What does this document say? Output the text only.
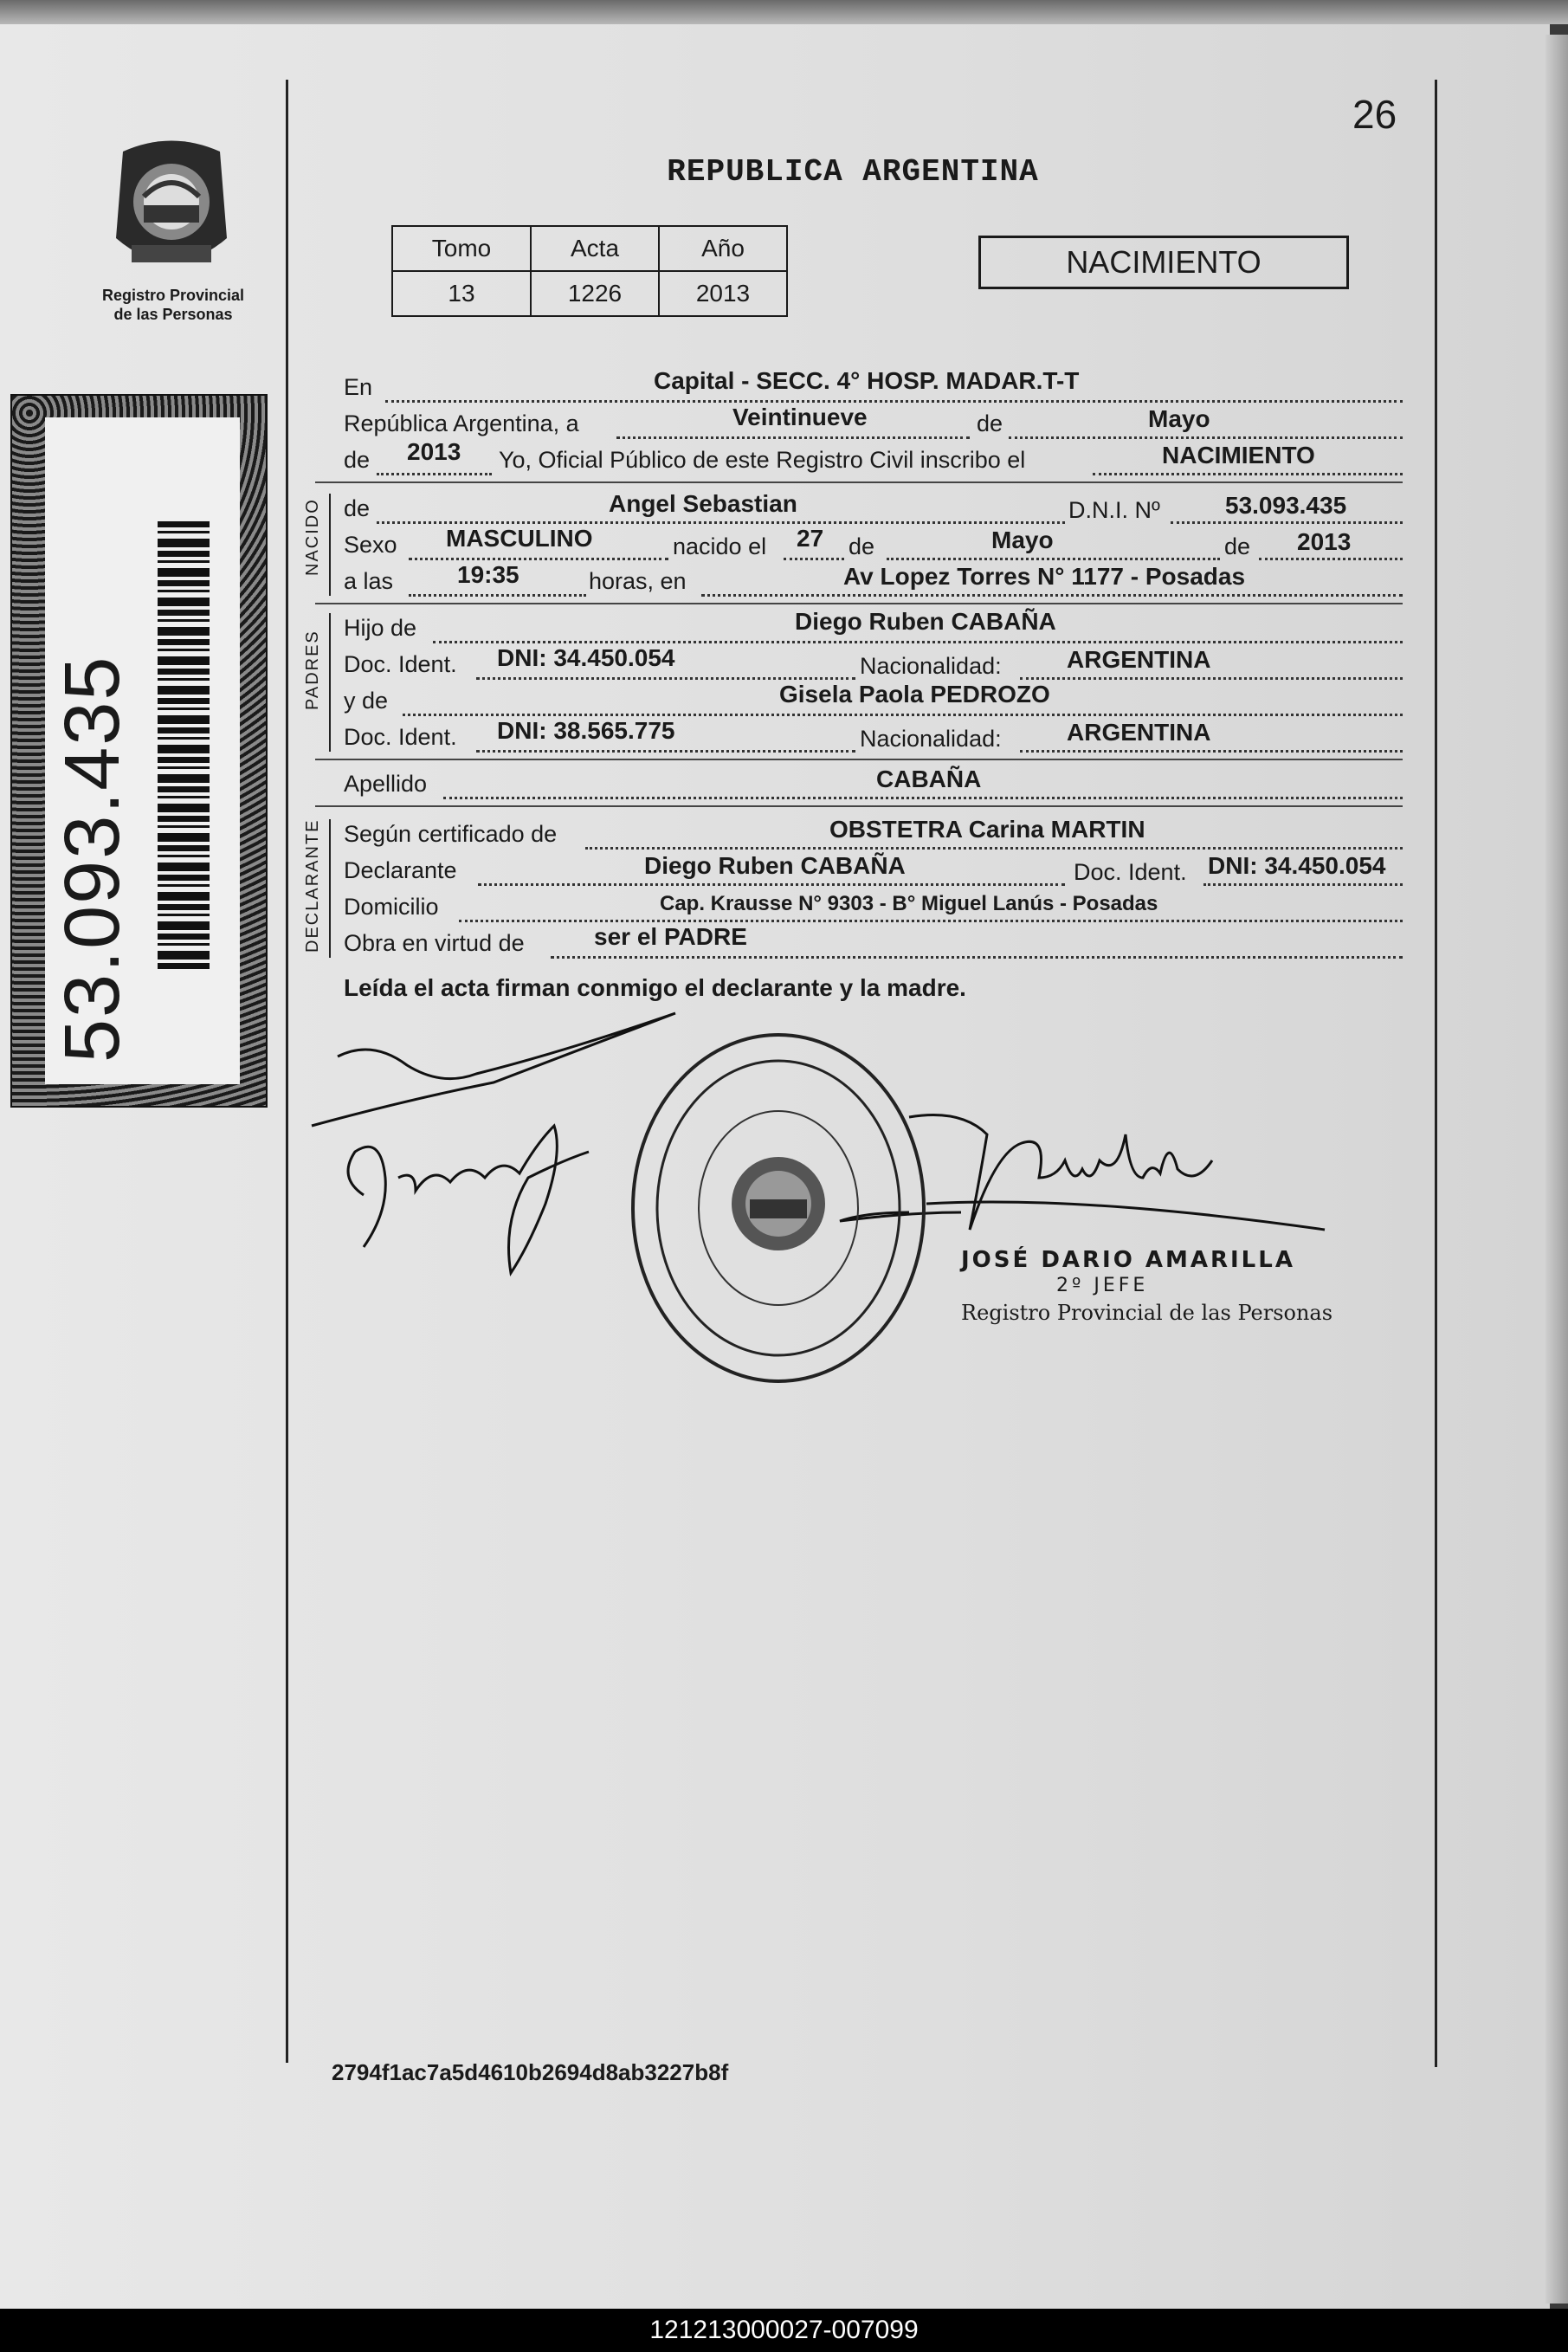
26
REPUBLICA ARGENTINA
Registro Provincial
de las Personas
53.093.435
Tomo	Acta	Año
13	1226	2013
NACIMIENTO
En	Capital - SECC. 4° HOSP. MADAR.T-T
República Argentina, a	Veintinueve	de	Mayo
de 2013 Yo, Oficial Público de este Registro Civil inscribo el	NACIMIENTO
NACIDO de	Angel Sebastian	D.N.I. Nº	53.093.435
Sexo MASCULINO	nacido el 27 de	Mayo	de 2013
a las	19:35	horas, en	Av Lopez Torres N° 1177 - Posadas
PADRES
Hijo de	Diego Ruben CABAÑA
Doc. Ident. DNI: 34.450.054	Nacionalidad:	ARGENTINA
y de	Gisela Paola PEDROZO
Doc. Ident. DNI: 38.565.775	Nacionalidad:	ARGENTINA
Apellido	CABAÑA
DECLARANTE Según certificado de	OBSTETRA Carina MARTIN
Declarante	Diego Ruben CABAÑA	Doc. Ident. DNI: 34.450.054
Domicilio	Cap. Krausse N° 9303 - B° Miguel Lanús - Posadas
Obra en virtud de	ser el PADRE
Leída el acta firman conmigo el declarante y la madre.
JOSÉ DARIO AMARILLA
2º JEFE
Registro Provincial de las Personas
2794f1ac7a5d4610b2694d8ab3227b8f
121213000027-007099
